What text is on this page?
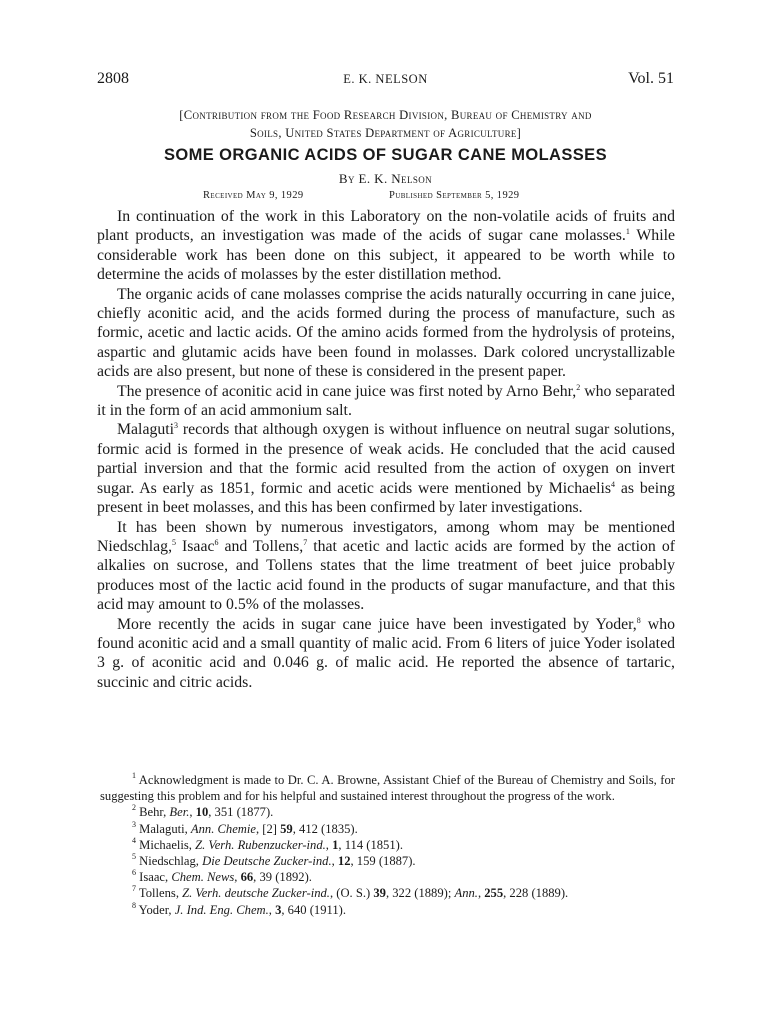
2808	E. K. NELSON	Vol. 51
[Contribution from the Food Research Division, Bureau of Chemistry and
Soils, United States Department of Agriculture]
SOME ORGANIC ACIDS OF SUGAR CANE MOLASSES
By E. K. Nelson
Received May 9, 1929	Published September 5, 1929

In continuation of the work in this Laboratory on the non-volatile acids of fruits and plant products, an investigation was made of the acids of sugar cane molasses.$^1$ While considerable work has been done on this subject, it appeared to be worth while to determine the acids of molasses by the ester distillation method.

The organic acids of cane molasses comprise the acids naturally occurring in cane juice, chiefly aconitic acid, and the acids formed during the process of manufacture, such as formic, acetic and lactic acids. Of the amino acids formed from the hydrolysis of proteins, aspartic and glutamic acids have been found in molasses. Dark colored uncrystallizable acids are also present, but none of these is considered in the present paper.

The presence of aconitic acid in cane juice was first noted by Arno Behr,$^2$ who separated it in the form of an acid ammonium salt.

Malaguti$^3$ records that although oxygen is without influence on neutral sugar solutions, formic acid is formed in the presence of weak acids. He concluded that the acid caused partial inversion and that the formic acid resulted from the action of oxygen on invert sugar. As early as 1851, formic and acetic acids were mentioned by Michaelis$^4$ as being present in beet molasses, and this has been confirmed by later investigations.

It has been shown by numerous investigators, among whom may be mentioned Niedschlag,$^5$ Isaac$^6$ and Tollens,$^7$ that acetic and lactic acids are formed by the action of alkalies on sucrose, and Tollens states that the lime treatment of beet juice probably produces most of the lactic acid found in the products of sugar manufacture, and that this acid may amount to 0.5% of the molasses.

More recently the acids in sugar cane juice have been investigated by Yoder,$^8$ who found aconitic acid and a small quantity of malic acid. From 6 liters of juice Yoder isolated 3 g. of aconitic acid and 0.046 g. of malic acid. He reported the absence of tartaric, succinic and citric acids.

$^1$ Acknowledgment is made to Dr. C. A. Browne, Assistant Chief of the Bureau of Chemistry and Soils, for suggesting this problem and for his helpful and sustained interest throughout the progress of the work.

$^2$ Behr, Ber., 10, 351 (1877).

$^3$ Malaguti, Ann. Chemie, [2] 59, 412 (1835).

$^4$ Michaelis, Z. Verh. Rubenzucker-ind., 1, 114 (1851).

$^5$ Niedschlag, Die Deutsche Zucker-ind., 12, 159 (1887).

$^6$ Isaac, Chem. News, 66, 39 (1892).

$^7$ Tollens, Z. Verh. deutsche Zucker-ind., (O. S.) 39, 322 (1889); Ann., 255, 228 (1889).

$^8$ Yoder, J. Ind. Eng. Chem., 3, 640 (1911).
